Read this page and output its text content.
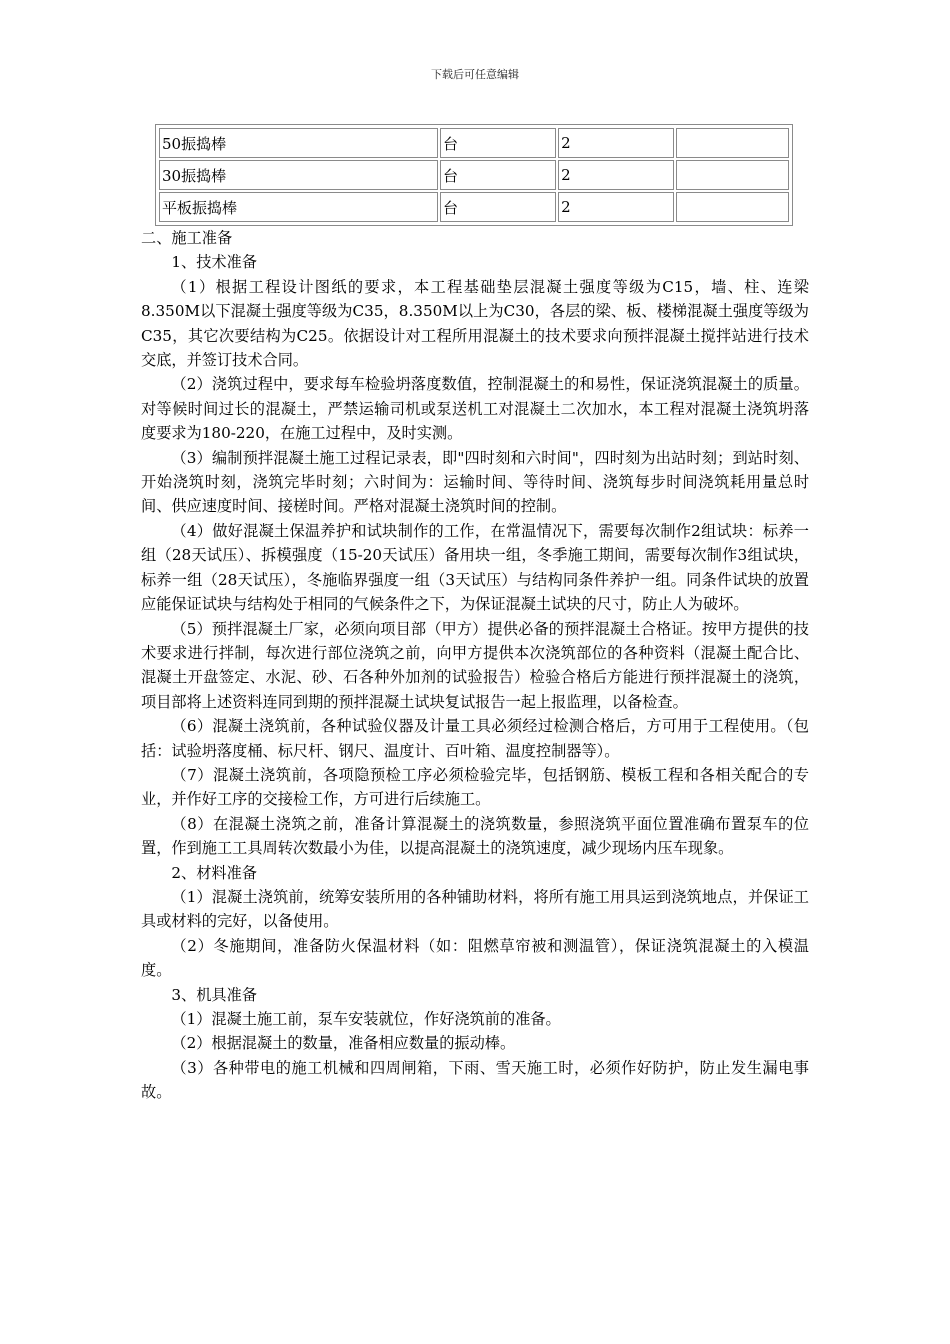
下载后可任意编辑
50振捣棒	台	2	
30振捣棒	台	2	
平板振捣棒	台	2	

二、施工准备

1、技术准备

（1）根据工程设计图纸的要求，本工程基础垫层混凝土强度等级为C15，墙、柱、连梁8.350M以下混凝土强度等级为C35，8.350M以上为C30，各层的梁、板、楼梯混凝土强度等级为C35，其它次要结构为C25。依据设计对工程所用混凝土的技术要求向预拌混凝土搅拌站进行技术交底，并签订技术合同。

（2）浇筑过程中，要求每车检验坍落度数值，控制混凝土的和易性，保证浇筑混凝土的质量。对等候时间过长的混凝土，严禁运输司机或泵送机工对混凝土二次加水，本工程对混凝土浇筑坍落度要求为180-220，在施工过程中，及时实测。

（3）编制预拌混凝土施工过程记录表，即"四时刻和六时间"，四时刻为出站时刻；到站时刻、开始浇筑时刻，浇筑完毕时刻；六时间为：运输时间、等待时间、浇筑每步时间浇筑耗用量总时间、供应速度时间、接槎时间。严格对混凝土浇筑时间的控制。

（4）做好混凝土保温养护和试块制作的工作，在常温情况下，需要每次制作2组试块：标养一组（28天试压）、拆模强度（15-20天试压）备用块一组，冬季施工期间，需要每次制作3组试块，标养一组（28天试压），冬施临界强度一组（3天试压）与结构同条件养护一组。同条件试块的放置应能保证试块与结构处于相同的气候条件之下，为保证混凝土试块的尺寸，防止人为破坏。

（5）预拌混凝土厂家，必须向项目部（甲方）提供必备的预拌混凝土合格证。按甲方提供的技术要求进行拌制，每次进行部位浇筑之前，向甲方提供本次浇筑部位的各种资料（混凝土配合比、混凝土开盘签定、水泥、砂、石各种外加剂的试验报告）检验合格后方能进行预拌混凝土的浇筑，项目部将上述资料连同到期的预拌混凝土试块复试报告一起上报监理，以备检查。

（6）混凝土浇筑前，各种试验仪器及计量工具必须经过检测合格后，方可用于工程使用。（包括：试验坍落度桶、标尺杆、钢尺、温度计、百叶箱、温度控制器等）。

（7）混凝土浇筑前，各项隐预检工序必须检验完毕，包括钢筋、模板工程和各相关配合的专业，并作好工序的交接检工作，方可进行后续施工。

（8）在混凝土浇筑之前，准备计算混凝土的浇筑数量，参照浇筑平面位置准确布置泵车的位置，作到施工工具周转次数最小为佳，以提高混凝土的浇筑速度，减少现场内压车现象。

2、材料准备

（1）混凝土浇筑前，统筹安装所用的各种铺助材料，将所有施工用具运到浇筑地点，并保证工具或材料的完好，以备使用。

（2）冬施期间，准备防火保温材料（如：阻燃草帘被和测温管），保证浇筑混凝土的入模温度。

3、机具准备

（1）混凝土施工前，泵车安装就位，作好浇筑前的准备。

（2）根据混凝土的数量，准备相应数量的振动棒。

（3）各种带电的施工机械和四周闸箱，下雨、雪天施工时，必须作好防护，防止发生漏电事故。
